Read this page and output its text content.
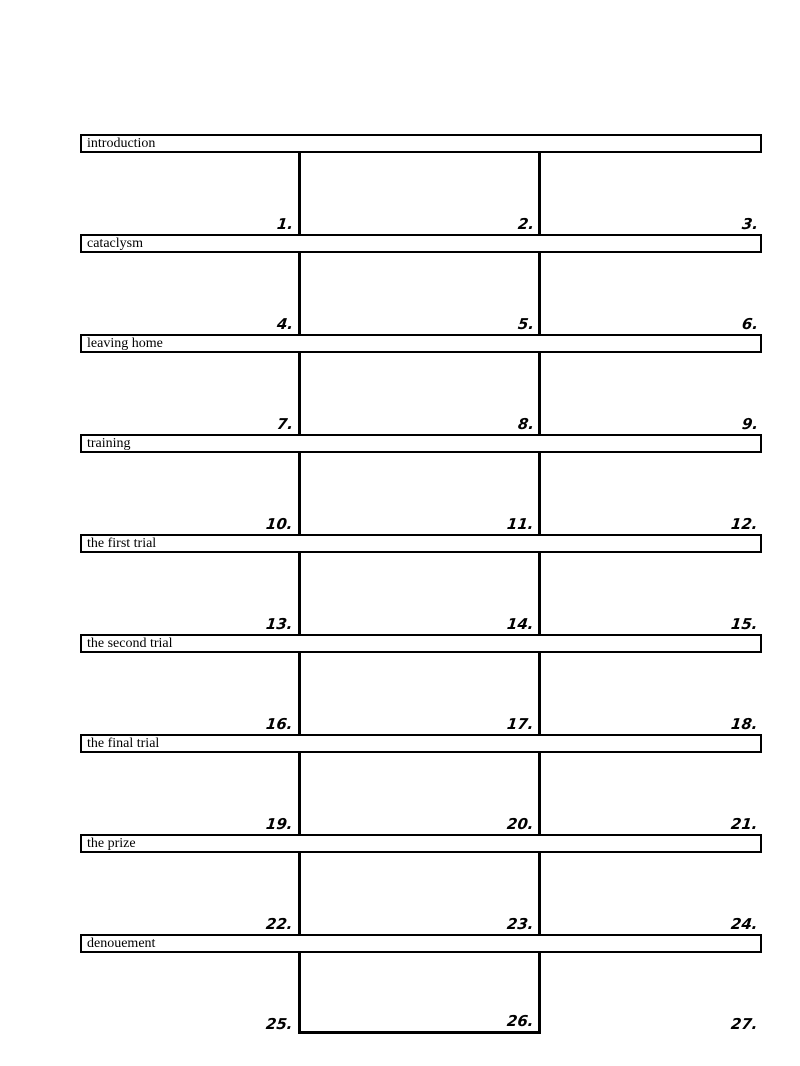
introduction
1.	2.	3.
cataclysm
4.	5.	6.
leaving home
7.	8.	9.
training
10.	11.	12.
the first trial
13.	14.	15.
the second trial
16.	17.	18.
the final trial
19.	20.	21.
the prize
22.	23.	24.
denouement
25.	26.	27.
